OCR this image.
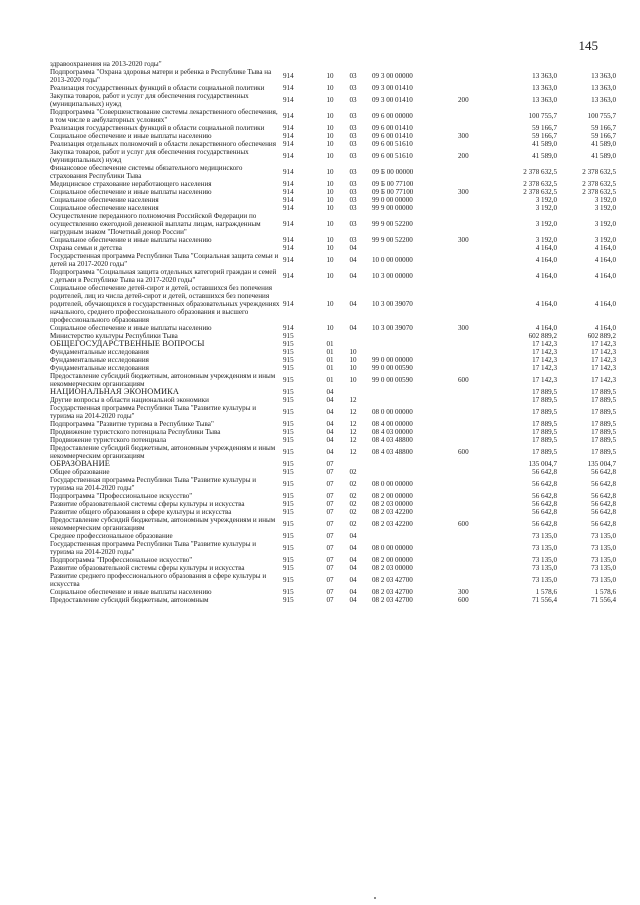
145
здравоохранения на 2013-2020 годы"							
Подпрограмма "Охрана здоровья матери и ребенка в Республике Тыва на 2013-2020 годы"	914	10	03	09 3 00 00000		13 363,0	13 363,0
Реализация государственных функций в области социальной политики	914	10	03	09 3 00 01410		13 363,0	13 363,0
Закупка товаров, работ и услуг для обеспечения государственных (муниципальных) нужд	914	10	03	09 3 00 01410	200	13 363,0	13 363,0
Подпрограмма "Совершенствование системы лекарственного обеспечения, в том числе в амбулаторных условиях"	914	10	03	09 6 00 00000		100 755,7	100 755,7
Реализация государственных функций в области социальной политики	914	10	03	09 6 00 01410		59 166,7	59 166,7
Социальное обеспечение и иные выплаты населению	914	10	03	09 6 00 01410	300	59 166,7	59 166,7
Реализация отдельных полномочий в области лекарственного обеспечения	914	10	03	09 6 00 51610		41 589,0	41 589,0
Закупка товаров, работ и услуг для обеспечения государственных (муниципальных) нужд	914	10	03	09 6 00 51610	200	41 589,0	41 589,0
Финансовое обеспечение системы обязательного медицинского страхования Республики Тыва	914	10	03	09 Б 00 00000		2 378 632,5	2 378 632,5
Медицинское страхование неработающего населения	914	10	03	09 Б 00 77100		2 378 632,5	2 378 632,5
Социальное обеспечение и иные выплаты населению	914	10	03	09 Б 00 77100	300	2 378 632,5	2 378 632,5
Социальное обеспечение населения	914	10	03	99 0 00 00000		3 192,0	3 192,0
Социальное обеспечение населения	914	10	03	99 9 00 00000		3 192,0	3 192,0
Осуществление переданного полномочия Российской Федерации по осуществлению ежегодной денежной выплаты лицам, награжденным нагрудным знаком "Почетный донор России"	914	10	03	99 9 00 52200		3 192,0	3 192,0
Социальное обеспечение и иные выплаты населению	914	10	03	99 9 00 52200	300	3 192,0	3 192,0
Охрана семьи и детства	914	10	04			4 164,0	4 164,0
Государственная программа Республики Тыва "Социальная защита семьи и детей на 2017-2020 годы"	914	10	04	10 0 00 00000		4 164,0	4 164,0
Подпрограмма "Социальная защита отдельных категорий граждан и семей с детьми в Республике Тыва на 2017-2020 годы"	914	10	04	10 3 00 00000		4 164,0	4 164,0
Социальное обеспечение детей-сирот и детей, оставшихся без попечения родителей, лиц из числа детей-сирот и детей, оставшихся без попечения родителей, обучающихся в государственных образовательных учреждениях начального, среднего профессионального образования и высшего профессионального образования	914	10	04	10 3 00 39070		4 164,0	4 164,0
Социальное обеспечение и иные выплаты населению	914	10	04	10 3 00 39070	300	4 164,0	4 164,0
Министерство культуры Республики Тыва	915					602 889,2	602 889,2
ОБЩЕГОСУДАРСТВЕННЫЕ ВОПРОСЫ	915	01				17 142,3	17 142,3
Фундаментальные исследования	915	01	10			17 142,3	17 142,3
Фундаментальные исследования	915	01	10	99 0 00 00000		17 142,3	17 142,3
Фундаментальные исследования	915	01	10	99 0 00 00590		17 142,3	17 142,3
Предоставление субсидий бюджетным, автономным учреждениям и иным некоммерческим организациям	915	01	10	99 0 00 00590	600	17 142,3	17 142,3
НАЦИОНАЛЬНАЯ ЭКОНОМИКА	915	04				17 889,5	17 889,5
Другие вопросы в области национальной экономики	915	04	12			17 889,5	17 889,5
Государственная программа Республики Тыва "Развитие культуры и туризма на 2014-2020 годы"	915	04	12	08 0 00 00000		17 889,5	17 889,5
Подпрограмма "Развитие туризма в Республике Тыва"	915	04	12	08 4 00 00000		17 889,5	17 889,5
Продвижение туристского потенциала Республики Тыва	915	04	12	08 4 03 00000		17 889,5	17 889,5
Продвижение туристского потенциала	915	04	12	08 4 03 48800		17 889,5	17 889,5
Предоставление субсидий бюджетным, автономным учреждениям и иным некоммерческим организациям	915	04	12	08 4 03 48800	600	17 889,5	17 889,5
ОБРАЗОВАНИЕ	915	07				135 004,7	135 004,7
Общее образование	915	07	02			56 642,8	56 642,8
Государственная программа Республики Тыва "Развитие культуры и туризма на 2014-2020 годы"	915	07	02	08 0 00 00000		56 642,8	56 642,8
Подпрограмма "Профессиональное искусство"	915	07	02	08 2 00 00000		56 642,8	56 642,8
Развитие образовательной системы сферы культуры и искусства	915	07	02	08 2 03 00000		56 642,8	56 642,8
Развитие общего образования в сфере культуры и искусства	915	07	02	08 2 03 42200		56 642,8	56 642,8
Предоставление субсидий бюджетным, автономным учреждениям и иным некоммерческим организациям	915	07	02	08 2 03 42200	600	56 642,8	56 642,8
Среднее профессиональное образование	915	07	04			73 135,0	73 135,0
Государственная программа Республики Тыва "Развитие культуры и туризма на 2014-2020 годы"	915	07	04	08 0 00 00000		73 135,0	73 135,0
Подпрограмма "Профессиональное искусство"	915	07	04	08 2 00 00000		73 135,0	73 135,0
Развитие образовательной системы сферы культуры и искусства	915	07	04	08 2 03 00000		73 135,0	73 135,0
Развитие среднего профессионального образования в сфере культуры и искусства	915	07	04	08 2 03 42700		73 135,0	73 135,0
Социальное обеспечение и иные выплаты населению	915	07	04	08 2 03 42700	300	1 578,6	1 578,6
Предоставление субсидий бюджетным, автономным	915	07	04	08 2 03 42700	600	71 556,4	71 556,4
